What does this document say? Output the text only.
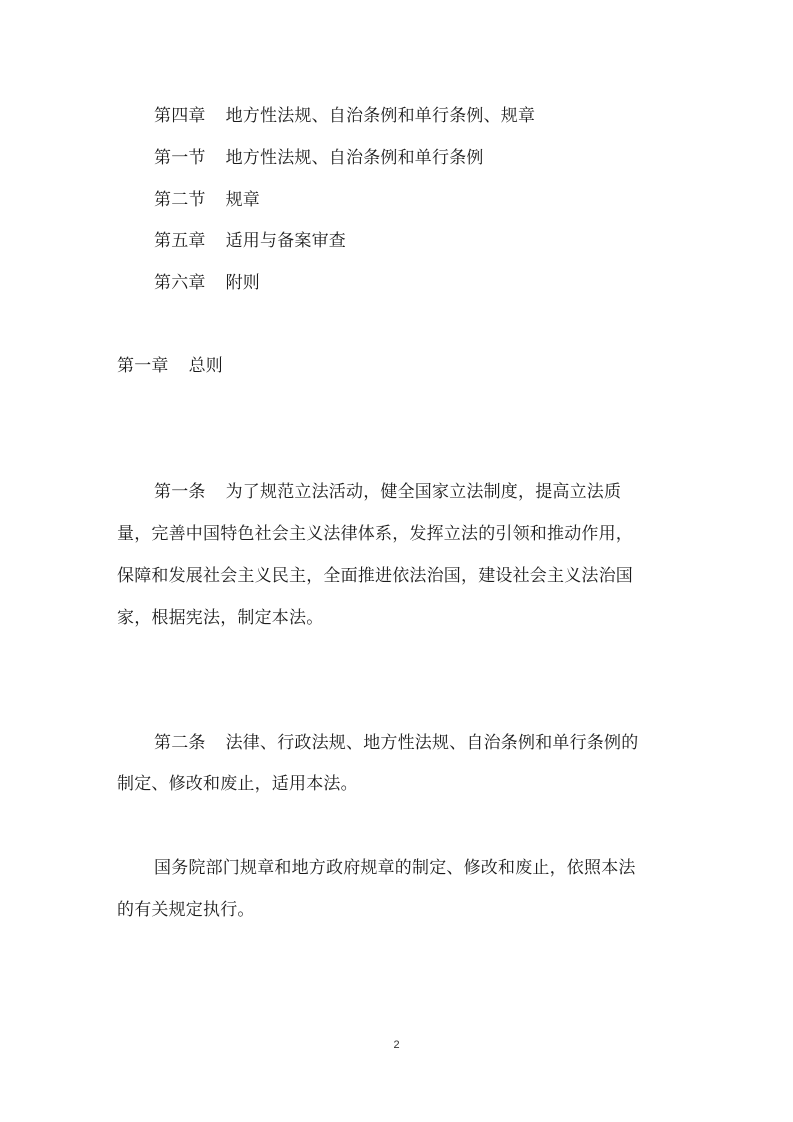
第四章 地方性法规、自治条例和单行条例、规章
第一节 地方性法规、自治条例和单行条例
第二节 规章
第五章 适用与备案审查
第六章 附则
第一章 总则
第一条 为了规范立法活动，健全国家立法制度，提高立法质
量，完善中国特色社会主义法律体系，发挥立法的引领和推动作用，
保障和发展社会主义民主，全面推进依法治国，建设社会主义法治国
家，根据宪法，制定本法。
第二条 法律、行政法规、地方性法规、自治条例和单行条例的
制定、修改和废止，适用本法。
国务院部门规章和地方政府规章的制定、修改和废止，依照本法
的有关规定执行。
2
